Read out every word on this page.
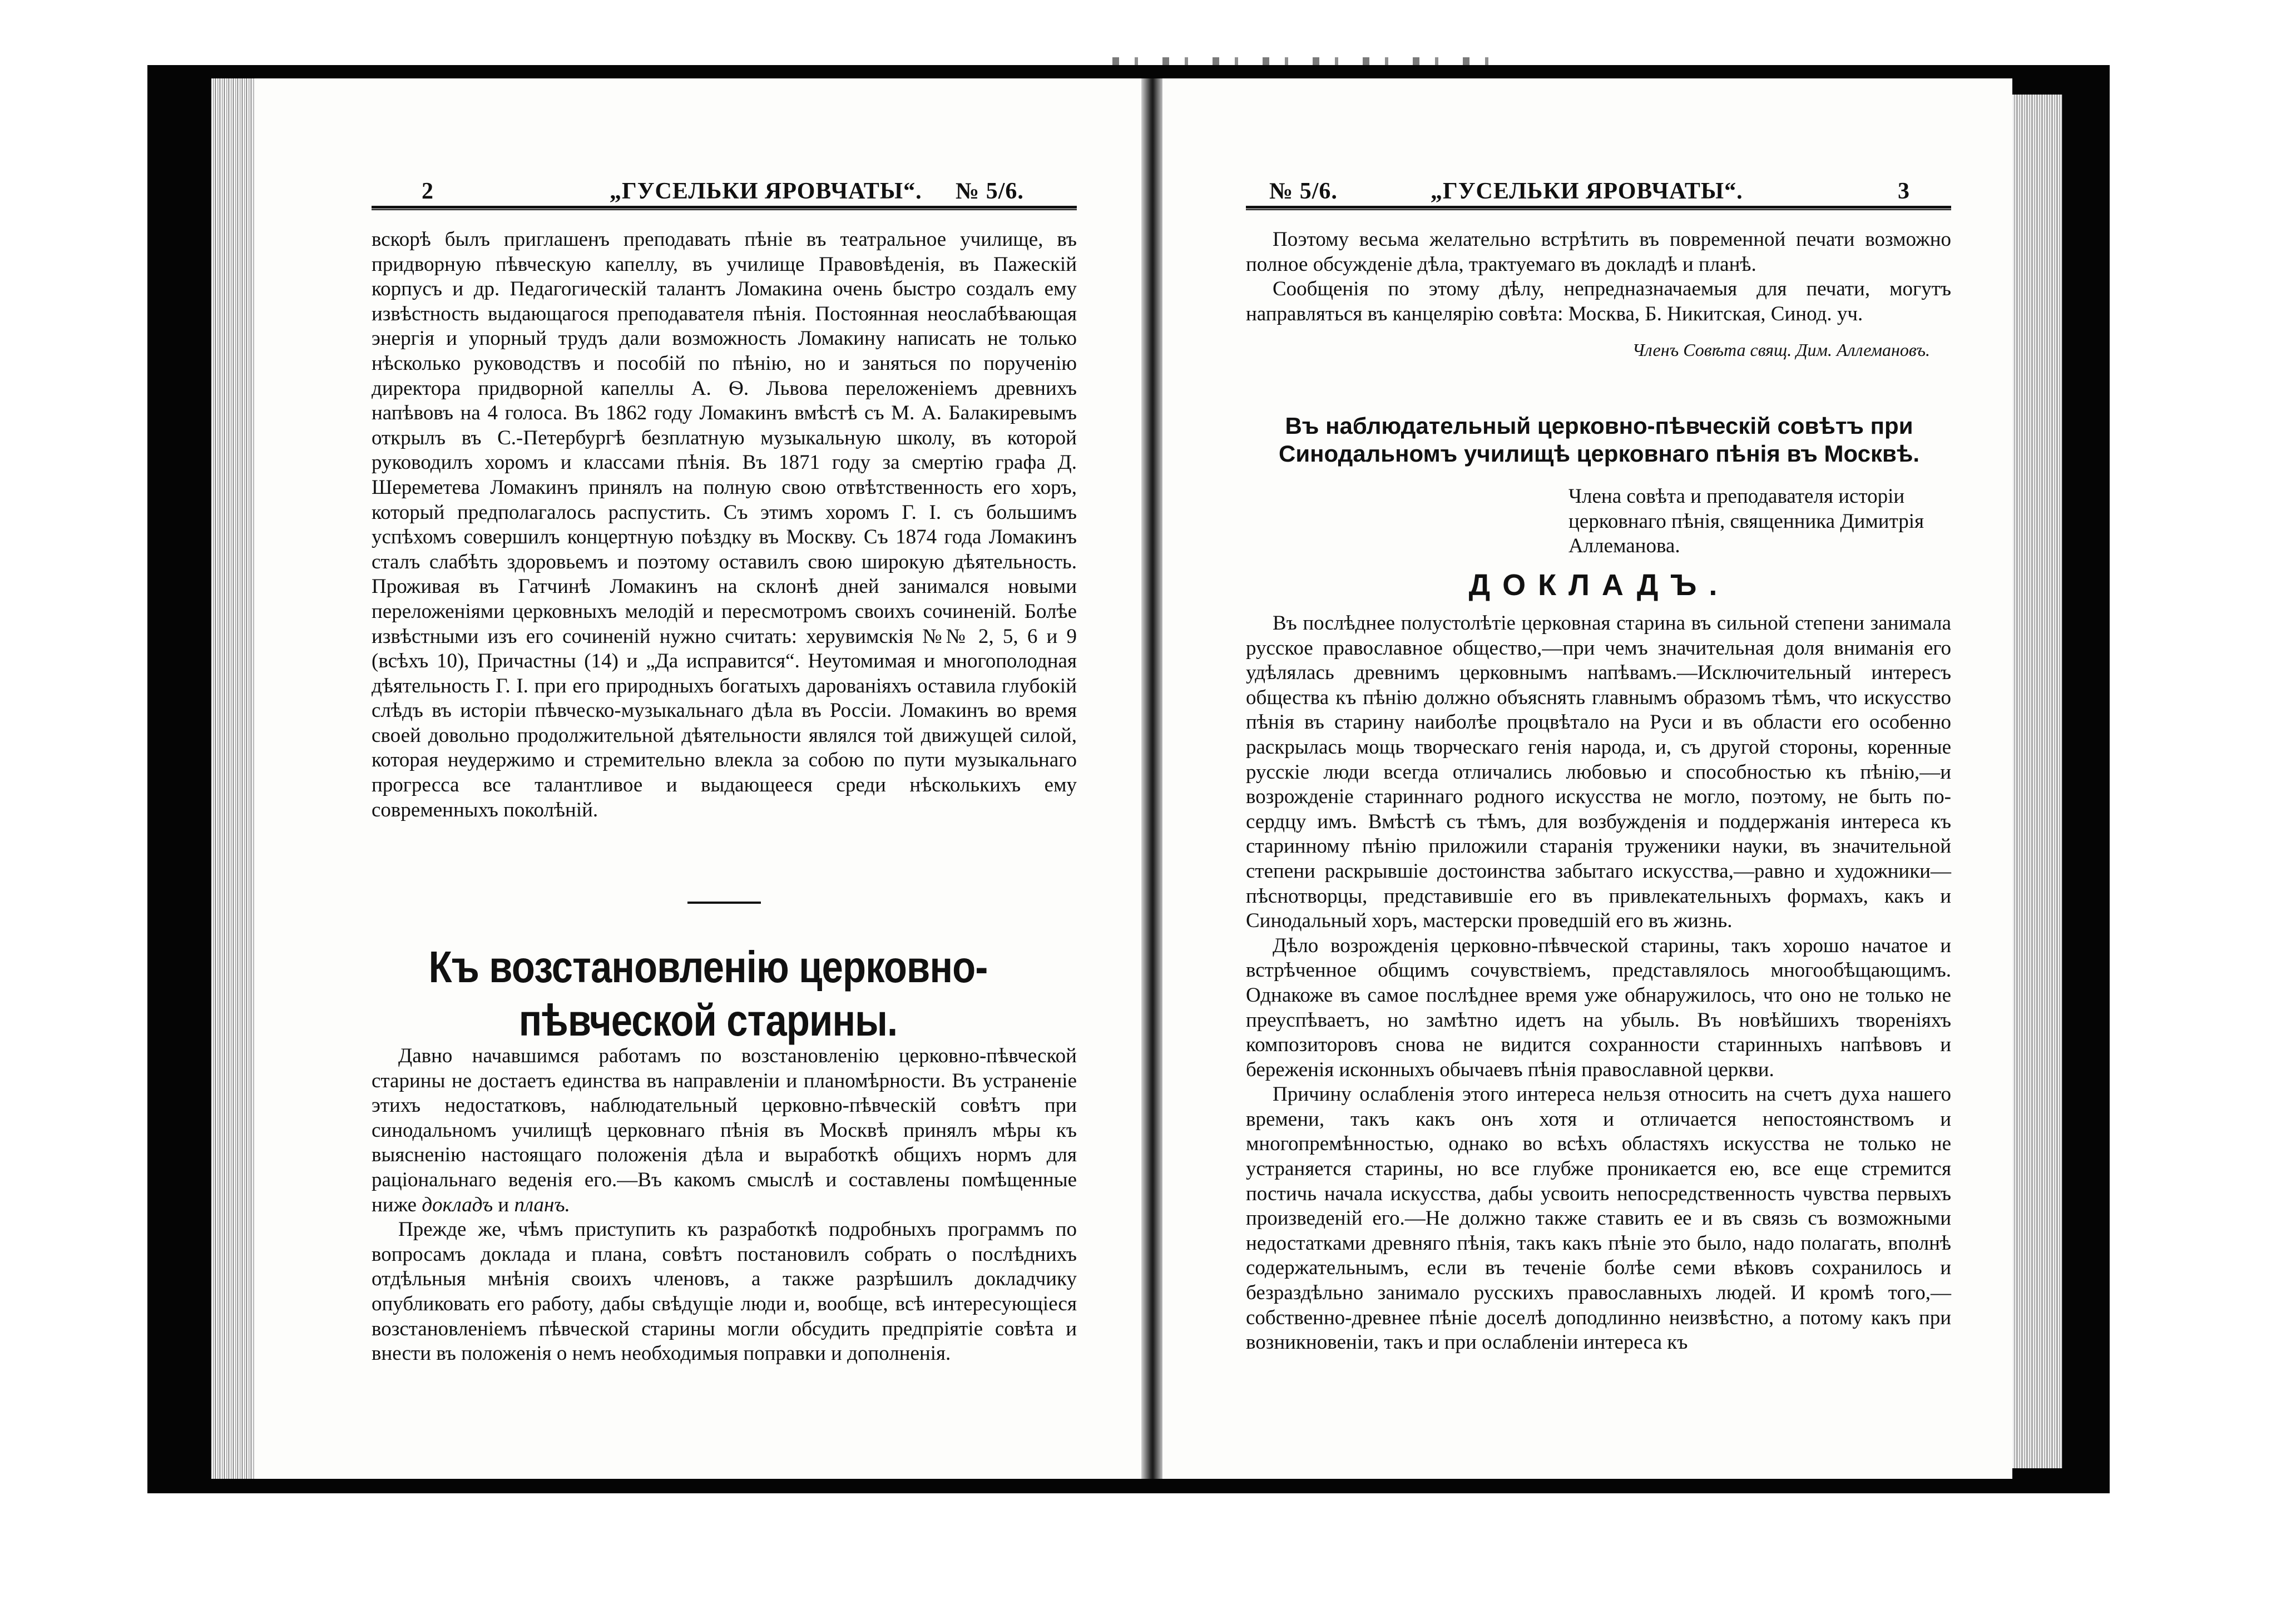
2	„ГУСЕЛЬКИ ЯРОВЧАТЫ“. № 5/6.

вскорѣ былъ приглашенъ преподавать пѣніе въ театральное училище, въ придворную пѣвческую капеллу, въ училище Правовѣденія, въ Пажескій корпусъ и др. Педагогическій талантъ Ломакина очень быстро создалъ ему извѣстность выдающагося преподавателя пѣнія. Постоянная неослабѣвающая энергія и упорный трудъ дали возможность Ломакину написать не только нѣсколько руководствъ и пособій по пѣнію, но и заняться по порученію директора придворной капеллы А. Ѳ. Львова переложеніемъ древнихъ напѣвовъ на 4 голоса. Въ 1862 году Ломакинъ вмѣстѣ съ М. А. Балакиревымъ открылъ въ С.-Петербургѣ безплатную музыкальную школу, въ которой руководилъ хоромъ и классами пѣнія. Въ 1871 году за смертію графа Д. Шереметева Ломакинъ принялъ на полную свою отвѣтственность его хоръ, который предполагалось распустить. Съ этимъ хоромъ Г. I. съ большимъ успѣхомъ совершилъ концертную поѣздку въ Москву. Съ 1874 года Ломакинъ сталъ слабѣть здоровьемъ и поэтому оставилъ свою широкую дѣятельность. Проживая въ Гатчинѣ Ломакинъ на склонѣ дней занимался новыми переложеніями церковныхъ мелодій и пересмотромъ своихъ сочиненій. Болѣе извѣстными изъ его сочиненій нужно считать: херувимскія №№ 2, 5, 6 и 9 (всѣхъ 10), Причастны (14) и „Да исправится“. Неутомимая и многополодная дѣятельность Г. I. при его природныхъ богатыхъ дарованіяхъ оставила глубокій слѣдъ въ исторіи пѣвческо-музыкальнаго дѣла въ Россіи. Ломакинъ во время своей довольно продолжительной дѣятельности являлся той движущей силой, которая неудержимо и стремительно влекла за собою по пути музыкальнаго прогресса все талантливое и выдающееся среди нѣсколькихъ ему современныхъ поколѣній.

Къ возстановленію церковно-пѣвческой старины.

Давно начавшимся работамъ по возстановленію церковно-пѣвческой старины не достаетъ единства въ направленіи и планомѣрности. Въ устраненіе этихъ недостатковъ, наблюдательный церковно-пѣвческій совѣтъ при синодальномъ училищѣ церковнаго пѣнія въ Москвѣ принялъ мѣры къ выясненію настоящаго положенія дѣла и выработкѣ общихъ нормъ для раціональнаго веденія его.—Въ какомъ смыслѣ и составлены помѣщенные ниже докладъ и планъ.

Прежде же, чѣмъ приступить къ разработкѣ подробныхъ программъ по вопросамъ доклада и плана, совѣтъ постановилъ собрать о послѣднихъ отдѣльныя мнѣнія своихъ членовъ, а также разрѣшилъ докладчику опубликовать его работу, дабы свѣдущіе люди и, вообще, всѣ интересующіеся возстановленіемъ пѣвческой старины могли обсудить предпріятіе совѣта и внести въ положенія о немъ необходимыя поправки и дополненія.

№ 5/6.	„ГУСЕЛЬКИ ЯРОВЧАТЫ“.	3

Поэтому весьма желательно встрѣтить въ повременной печати возможно полное обсужденіе дѣла, трактуемаго въ докладѣ и планѣ.

Сообщенія по этому дѣлу, непредназначаемыя для печати, могутъ направляться въ канцелярію совѣта: Москва, Б. Никитская, Синод. уч.

Членъ Совѣта свящ. Дим. Аллемановъ.
Въ наблюдательный церковно-пѣвческій совѣтъ при Синодальномъ училищѣ церковнаго пѣнія въ Москвѣ.
Члена совѣта и преподавателя исторіи церковнаго пѣнія, священника Димитрія Аллеманова.
ДОКЛАДЪ.

Въ послѣднее полустолѣтіе церковная старина въ сильной степени занимала русское православное общество,—при чемъ значительная доля вниманія его удѣлялась древнимъ церковнымъ напѣвамъ.—Исключительный интересъ общества къ пѣнію должно объяснять главнымъ образомъ тѣмъ, что искусство пѣнія въ старину наиболѣе процвѣтало на Руси и въ области его особенно раскрылась мощь творческаго генія народа, и, съ другой стороны, коренные русскіе люди всегда отличались любовью и способностью къ пѣнію,—и возрожденіе стариннаго родного искусства не могло, поэтому, не быть по-сердцу имъ. Вмѣстѣ съ тѣмъ, для возбужденія и поддержанія интереса къ старинному пѣнію приложили старанія труженики науки, въ значительной степени раскрывшіе достоинства забытаго искусства,—равно и художники—пѣснотворцы, представившіе его въ привлекательныхъ формахъ, какъ и Синодальный хоръ, мастерски проведшій его въ жизнь.

Дѣло возрожденія церковно-пѣвческой старины, такъ хорошо начатое и встрѣченное общимъ сочувствіемъ, представлялось многообѣщающимъ. Однакоже въ самое послѣднее время уже обнаружилось, что оно не только не преуспѣваетъ, но замѣтно идетъ на убыль. Въ новѣйшихъ твореніяхъ композиторовъ снова не видится сохранности старинныхъ напѣвовъ и береженія исконныхъ обычаевъ пѣнія православной церкви.

Причину ослабленія этого интереса нельзя относить на счетъ духа нашего времени, такъ какъ онъ хотя и отличается непостоянствомъ и многопремѣнностью, однако во всѣхъ областяхъ искусства не только не устраняется старины, но все глубже проникается ею, все еще стремится постичь начала искусства, дабы усвоить непосредственность чувства первыхъ произведеній его.—Не должно также ставить ее и въ связь съ возможными недостатками древняго пѣнія, такъ какъ пѣніе это было, надо полагать, вполнѣ содержательнымъ, если въ теченіе болѣе семи вѣковъ сохранилось и безраздѣльно занимало русскихъ православныхъ людей. И кромѣ того,—собственно-древнее пѣніе доселѣ доподлинно неизвѣстно, а потому какъ при возникновеніи, такъ и при ослабленіи интереса къ
